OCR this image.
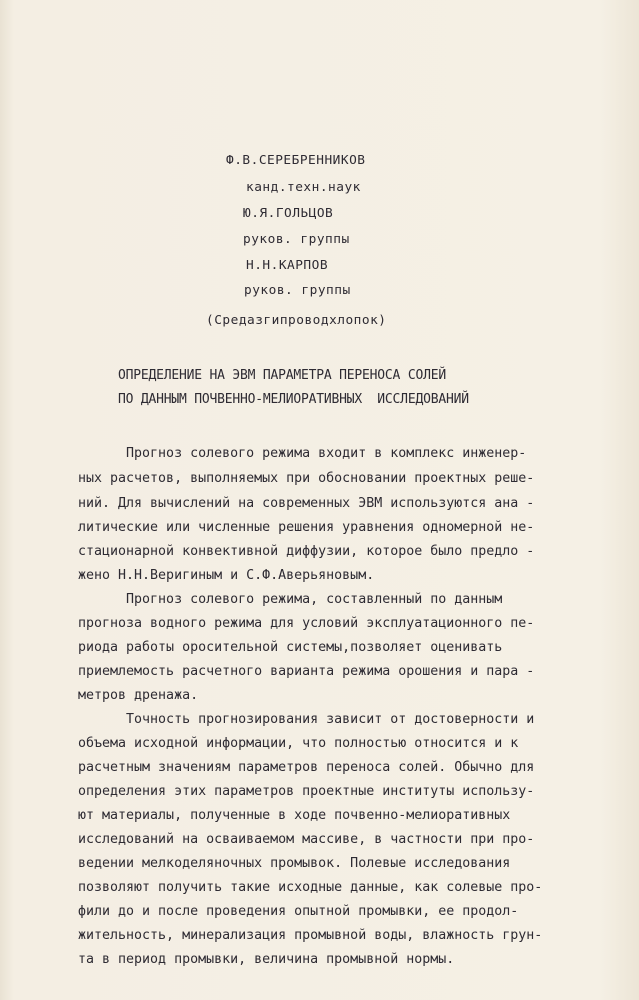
Ф.В.СЕРЕБРЕННИКОВ
канд.техн.наук
Ю.Я.ГОЛЬЦОВ
руков. группы
Н.Н.КАРПОВ
руков. группы
(Средазгипроводхлопок)
ОПРЕДЕЛЕНИЕ НА ЭВМ ПАРАМЕТРА ПЕРЕНОСА СОЛЕЙ
ПО ДАННЫМ ПОЧВЕННО-МЕЛИОРАТИВНЫХ  ИССЛЕДОВАНИЙ
Прогноз солевого режима входит в комплекс инженер-
ных расчетов, выполняемых при обосновании проектных реше-
ний. Для вычислений на современных ЭВМ используются ана -
литические или численные решения уравнения одномерной не-
стационарной конвективной диффузии, которое было предло -
жено Н.Н.Веригиным и С.Ф.Аверьяновым.
Прогноз солевого режима, составленный по данным
прогноза водного режима для условий эксплуатационного пе-
риода работы оросительной системы,позволяет оценивать
приемлемость расчетного варианта режима орошения и пара -
метров дренажа.
Точность прогнозирования зависит от достоверности и
объема исходной информации, что полностью относится и к
расчетным значениям параметров переноса солей. Обычно для
определения этих параметров проектные институты использу-
ют материалы, полученные в ходе почвенно-мелиоративных
исследований на осваиваемом массиве, в частности при про-
ведении мелкоделяночных промывок. Полевые исследования
позволяют получить такие исходные данные, как солевые про-
фили до и после проведения опытной промывки, ее продол-
жительность, минерализация промывной воды, влажность грун-
та в период промывки, величина промывной нормы.
